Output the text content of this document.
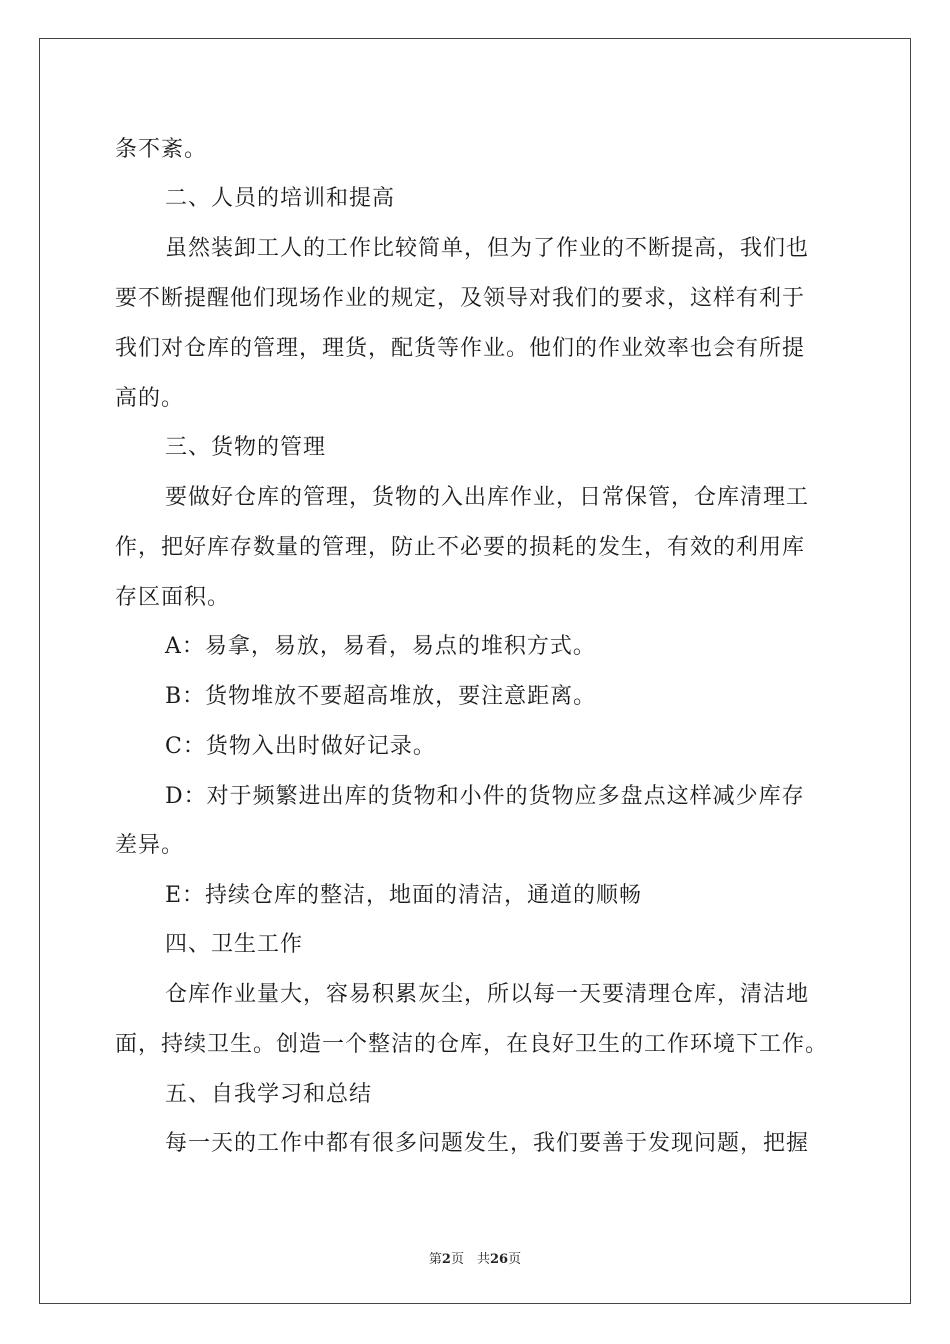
条不紊。
二、人员的培训和提高
虽然装卸工人的工作比较简单，但为了作业的不断提高，我们也
要不断提醒他们现场作业的规定，及领导对我们的要求，这样有利于
我们对仓库的管理，理货，配货等作业。他们的作业效率也会有所提
高的。
三、货物的管理
要做好仓库的管理，货物的入出库作业，日常保管，仓库清理工
作，把好库存数量的管理，防止不必要的损耗的发生，有效的利用库
存区面积。
A：易拿，易放，易看，易点的堆积方式。
B：货物堆放不要超高堆放，要注意距离。
C：货物入出时做好记录。
D：对于频繁进出库的货物和小件的货物应多盘点这样减少库存
差异。
E：持续仓库的整洁，地面的清洁，通道的顺畅
四、卫生工作
仓库作业量大，容易积累灰尘，所以每一天要清理仓库，清洁地
面，持续卫生。创造一个整洁的仓库，在良好卫生的工作环境下工作。
五、自我学习和总结
每一天的工作中都有很多问题发生，我们要善于发现问题，把握
第2页　共26页
